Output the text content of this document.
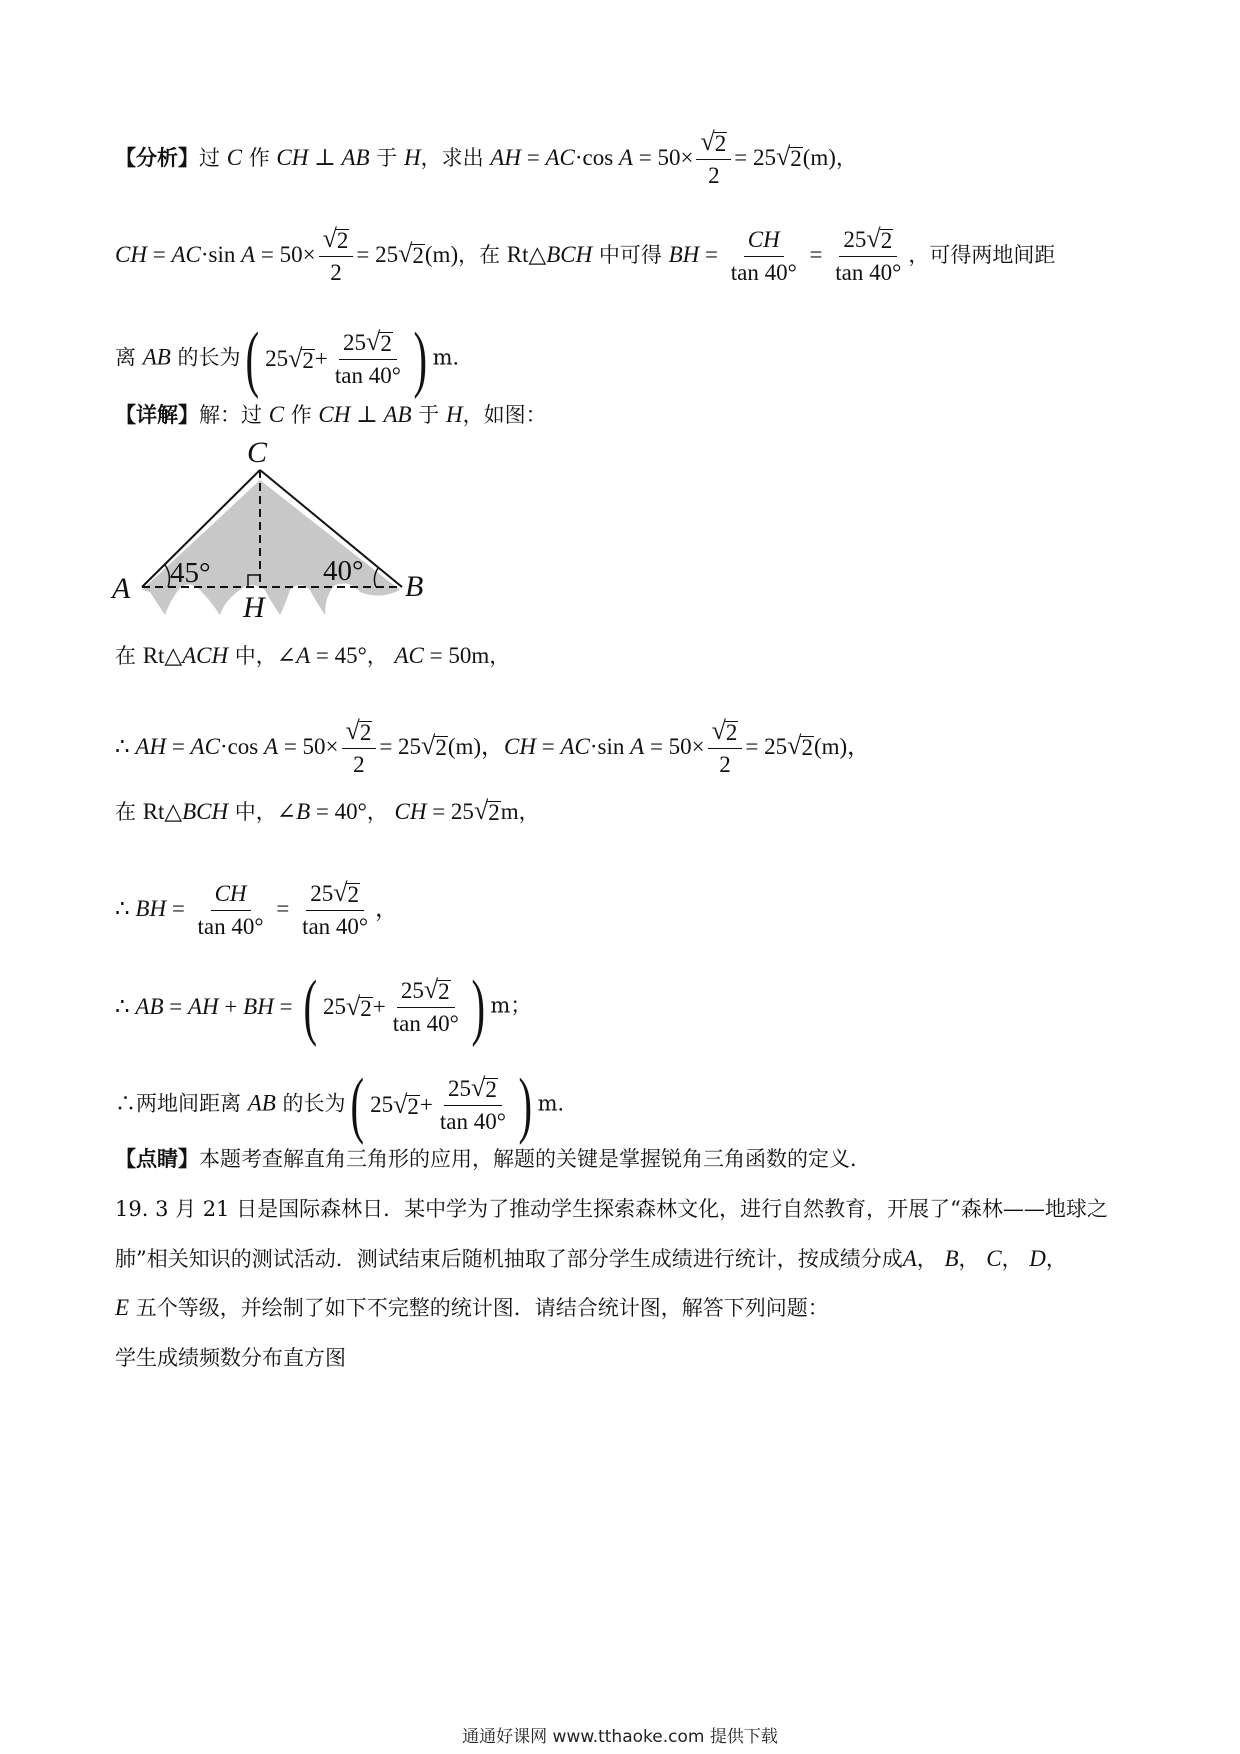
【分析】过 C 作 CH ⊥ AB 于 H，求出 AH = AC·cos $A = 50\times \frac{√ 2}{2} = 25$ √ 2 (m)，
CH = AC·sin $A = 50\times \frac{√ 2}{2} = 25$ √ 2 (m)，在 Rt△BCH 中可得 BH = $\frac{CH}{\tan 40^\circ} = \frac{25 √ 2}{\tan 40^\circ}$ ，可得两地间距
离 AB 的长为 ( 25 √ $2 + \frac{25 √ 2}{\tan 40^\circ}$ ) m．
【详解】解：过 C 作 CH ⊥ AB 于 H，如图：
C
A	B
H
45°	40°
在 Rt△ACH 中，∠A = 45°， AC = 50m，
∴ AH = AC·cos $A = 50\times \frac{√ 2}{2} = 25$ √ 2 (m)，CH = AC·sin $A = 50\times \frac{√ 2}{2} = 25$ √ 2 (m)，
在 Rt△BCH 中，∠B = 40°， CH = 25 √ 2 m，
∴ BH = $\frac{CH}{\tan 40^\circ} = \frac{25 √ 2}{\tan 40^\circ}$ ，
∴ AB = AH + BH = ( 25 √ $2 + \frac{25 √ 2}{\tan 40^\circ}$ ) m；
∴两地间距离 AB 的长为 ( 25 √ $2 + \frac{25 √ 2}{\tan 40^\circ}$ ) m．
【点睛】本题考查解直角三角形的应用，解题的关键是掌握锐角三角函数的定义．
19. 3 月 21 日是国际森林日．某中学为了推动学生探索森林文化，进行自然教育，开展了“森林——地球之
肺”相关知识的测试活动．测试结束后随机抽取了部分学生成绩进行统计，按成绩分成A， B， C， D，
E 五个等级，并绘制了如下不完整的统计图．请结合统计图，解答下列问题：
学生成绩频数分布直方图
通通好课网 www.tthaoke.com 提供下载
